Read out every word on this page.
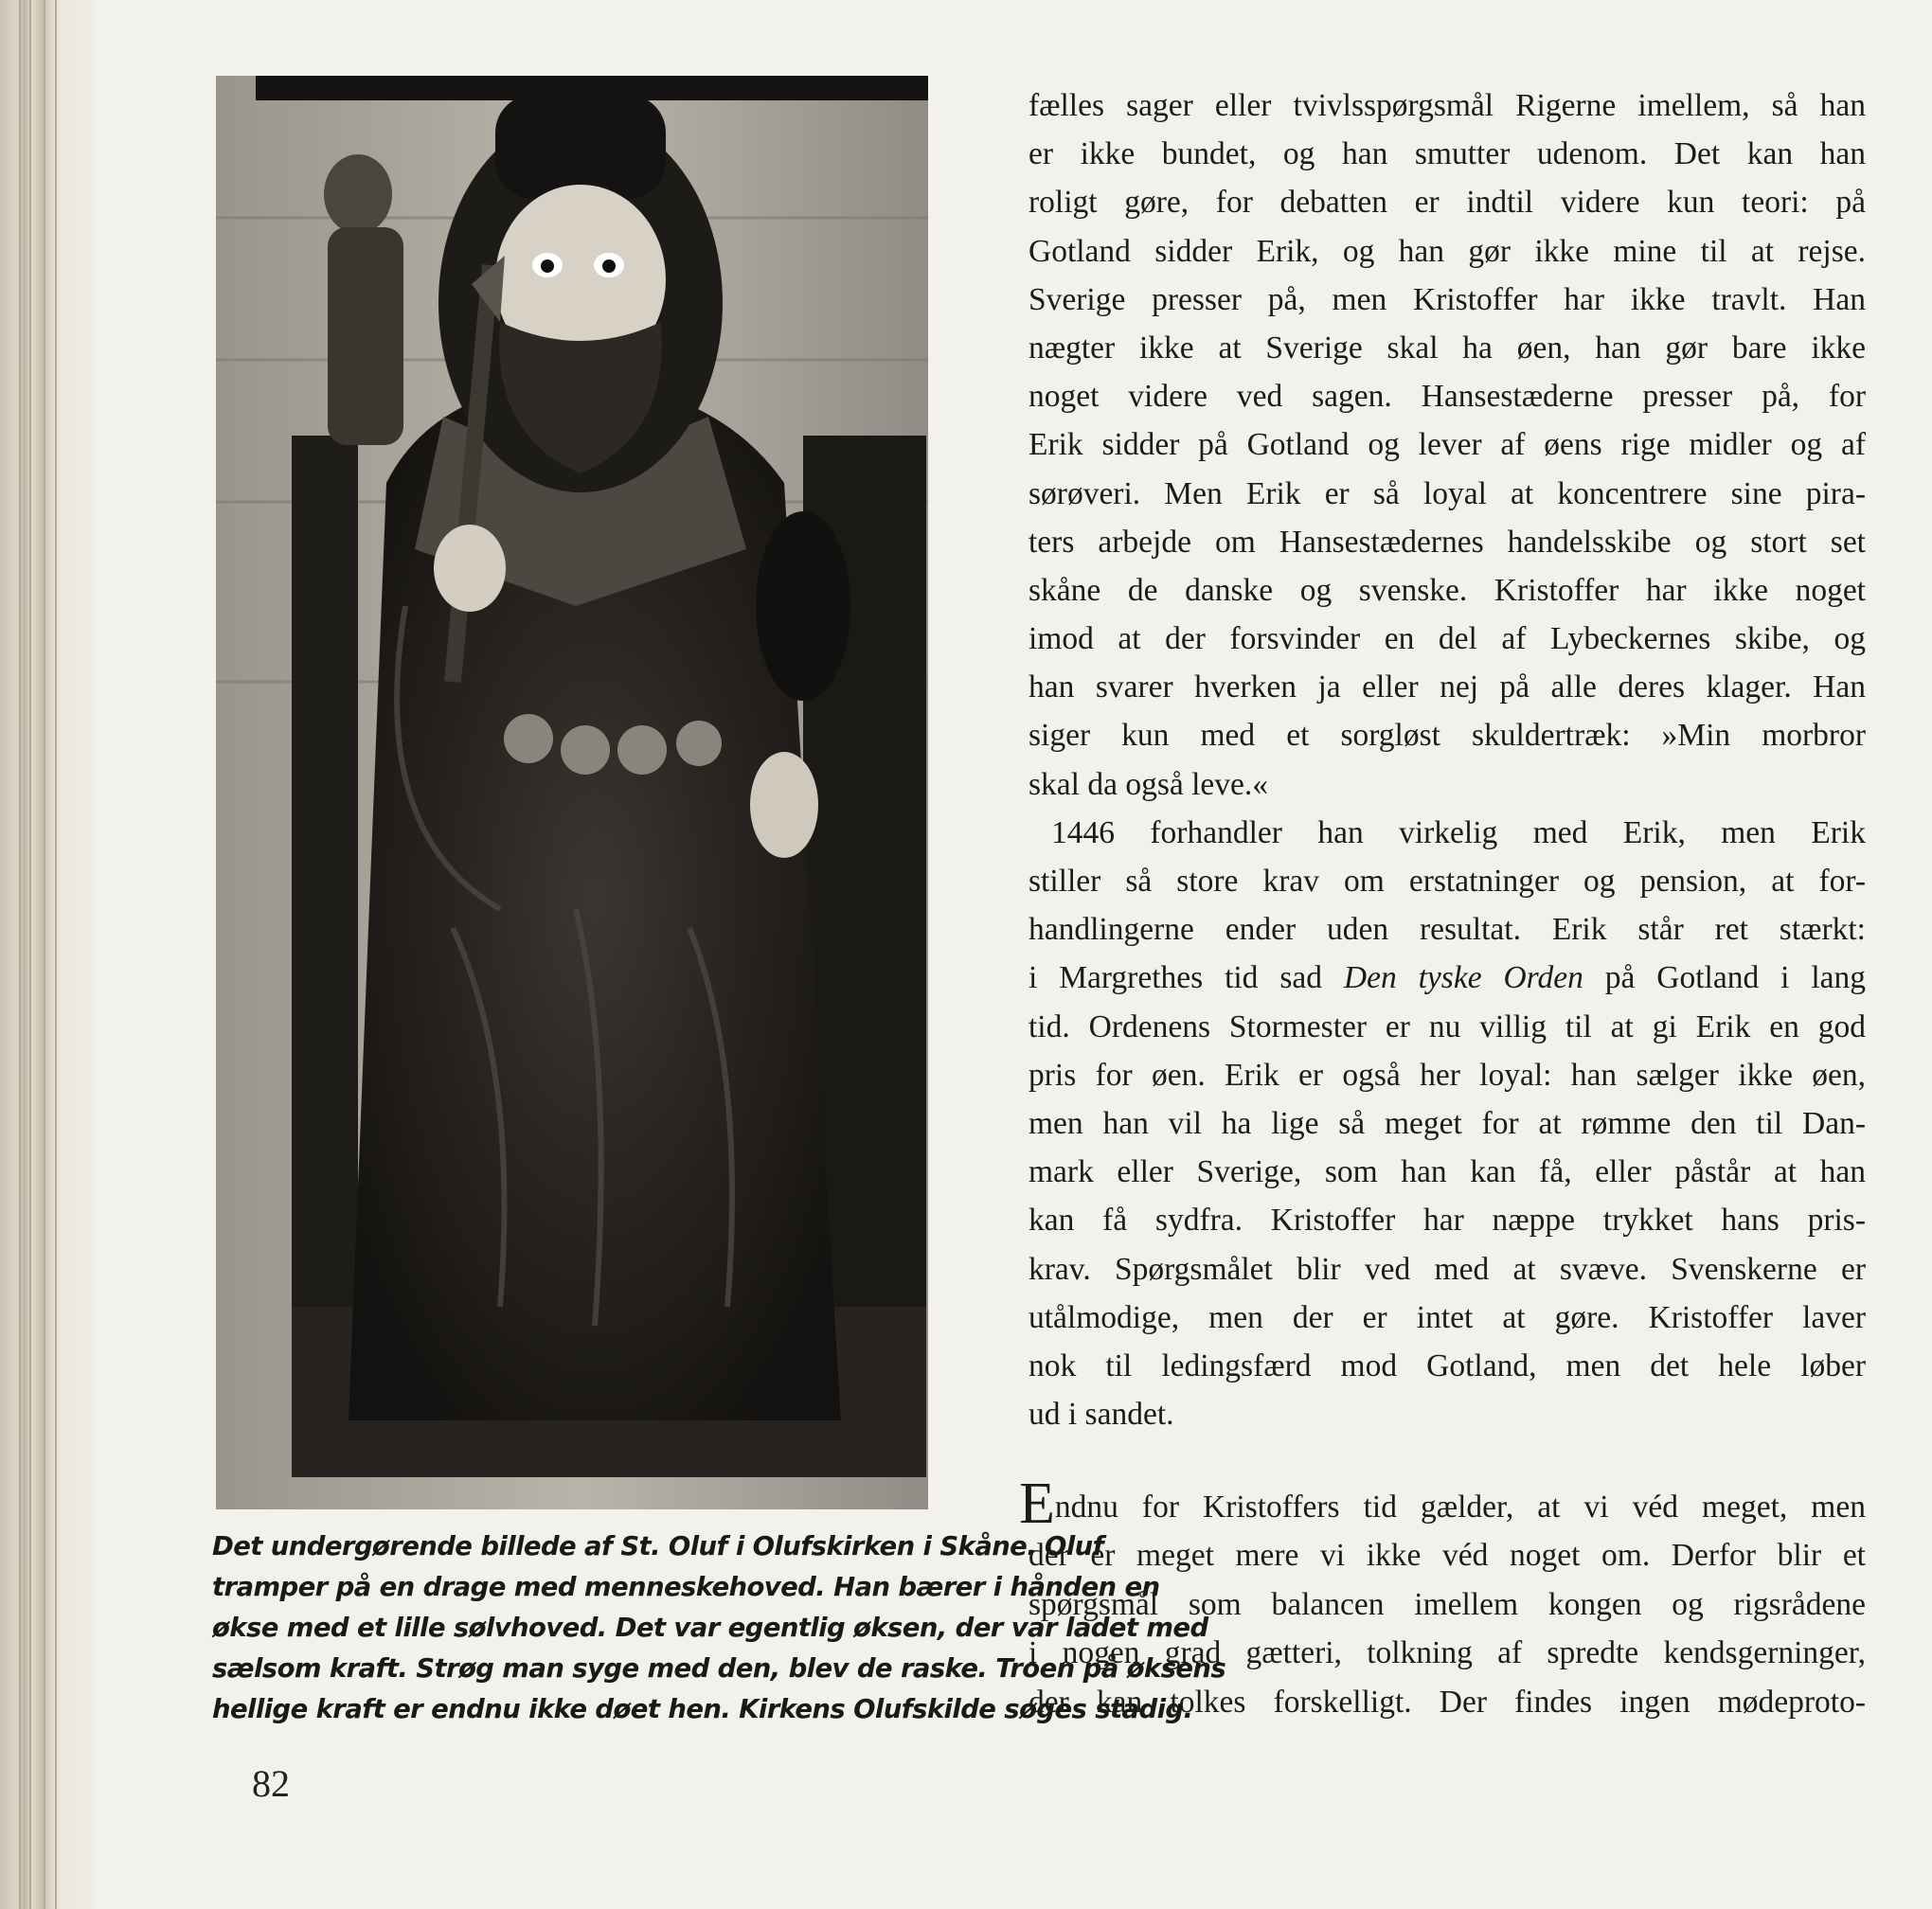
Det undergørende billede af St. Oluf i Olufskirken i Skåne. Oluf
tramper på en drage med menneskehoved. Han bærer i hånden en
økse med et lille sølvhoved. Det var egentlig øksen, der var ladet med
sælsom kraft. Strøg man syge med den, blev de raske. Troen på øksens
hellige kraft er endnu ikke døet hen. Kirkens Olufskilde søges stadig.
82
fælles sager eller tvivlsspørgsmål Rigerne imellem, så han
er ikke bundet, og han smutter udenom. Det kan han
roligt gøre, for debatten er indtil videre kun teori: på
Gotland sidder Erik, og han gør ikke mine til at rejse.
Sverige presser på, men Kristoffer har ikke travlt. Han
nægter ikke at Sverige skal ha øen, han gør bare ikke
noget videre ved sagen. Hansestæderne presser på, for
Erik sidder på Gotland og lever af øens rige midler og af
sørøveri. Men Erik er så loyal at koncentrere sine pira-
ters arbejde om Hansestædernes handelsskibe og stort set
skåne de danske og svenske. Kristoffer har ikke noget
imod at der forsvinder en del af Lybeckernes skibe, og
han svarer hverken ja eller nej på alle deres klager. Han
siger kun med et sorgløst skuldertræk: »Min morbror
skal da også leve.«
1446 forhandler han virkelig med Erik, men Erik
stiller så store krav om erstatninger og pension, at for-
handlingerne ender uden resultat. Erik står ret stærkt:
i Margrethes tid sad Den tyske Orden på Gotland i lang
tid. Ordenens Stormester er nu villig til at gi Erik en god
pris for øen. Erik er også her loyal: han sælger ikke øen,
men han vil ha lige så meget for at rømme den til Dan-
mark eller Sverige, som han kan få, eller påstår at han
kan få sydfra. Kristoffer har næppe trykket hans pris-
krav. Spørgsmålet blir ved med at svæve. Svenskerne er
utålmodige, men der er intet at gøre. Kristoffer laver
nok til ledingsfærd mod Gotland, men det hele løber
ud i sandet.
Endnu for Kristoffers tid gælder, at vi véd meget, men
der er meget mere vi ikke véd noget om. Derfor blir et
spørgsmål som balancen imellem kongen og rigsrådene
i nogen grad gætteri, tolkning af spredte kendsgerninger,
der kan tolkes forskelligt. Der findes ingen mødeproto-
